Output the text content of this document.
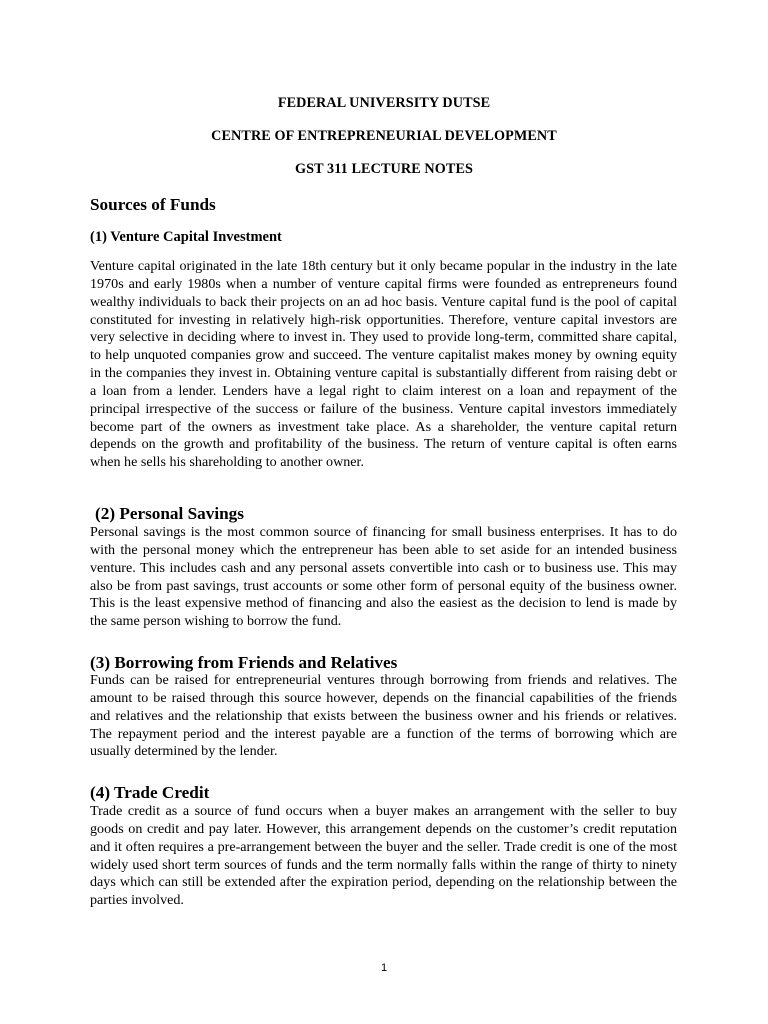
FEDERAL UNIVERSITY DUTSE
CENTRE OF ENTREPRENEURIAL DEVELOPMENT
GST 311 LECTURE NOTES
Sources of Funds
(1) Venture Capital Investment
Venture capital originated in the late 18th century but it only became popular in the industry in the late 1970s and early 1980s when a number of venture capital firms were founded as entrepreneurs found wealthy individuals to back their projects on an ad hoc basis. Venture capital fund is the pool of capital constituted for investing in relatively high-risk opportunities. Therefore, venture capital investors are very selective in deciding where to invest in. They used to provide long-term, committed share capital, to help unquoted companies grow and succeed. The venture capitalist makes money by owning equity in the companies they invest in. Obtaining venture capital is substantially different from raising debt or a loan from a lender. Lenders have a legal right to claim interest on a loan and repayment of the principal irrespective of the success or failure of the business. Venture capital investors immediately become part of the owners as investment take place. As a shareholder, the venture capital return depends on the growth and profitability of the business. The return of venture capital is often earns when he sells his shareholding to another owner.
(2) Personal Savings
Personal savings is the most common source of financing for small business enterprises. It has to do with the personal money which the entrepreneur has been able to set aside for an intended business venture. This includes cash and any personal assets convertible into cash or to business use. This may also be from past savings, trust accounts or some other form of personal equity of the business owner. This is the least expensive method of financing and also the easiest as the decision to lend is made by the same person wishing to borrow the fund.
(3) Borrowing from Friends and Relatives
Funds can be raised for entrepreneurial ventures through borrowing from friends and relatives. The amount to be raised through this source however, depends on the financial capabilities of the friends and relatives and the relationship that exists between the business owner and his friends or relatives. The repayment period and the interest payable are a function of the terms of borrowing which are usually determined by the lender.
(4) Trade Credit
Trade credit as a source of fund occurs when a buyer makes an arrangement with the seller to buy goods on credit and pay later. However, this arrangement depends on the customer’s credit reputation and it often requires a pre-arrangement between the buyer and the seller. Trade credit is one of the most widely used short term sources of funds and the term normally falls within the range of thirty to ninety days which can still be extended after the expiration period, depending on the relationship between the parties involved.
1
